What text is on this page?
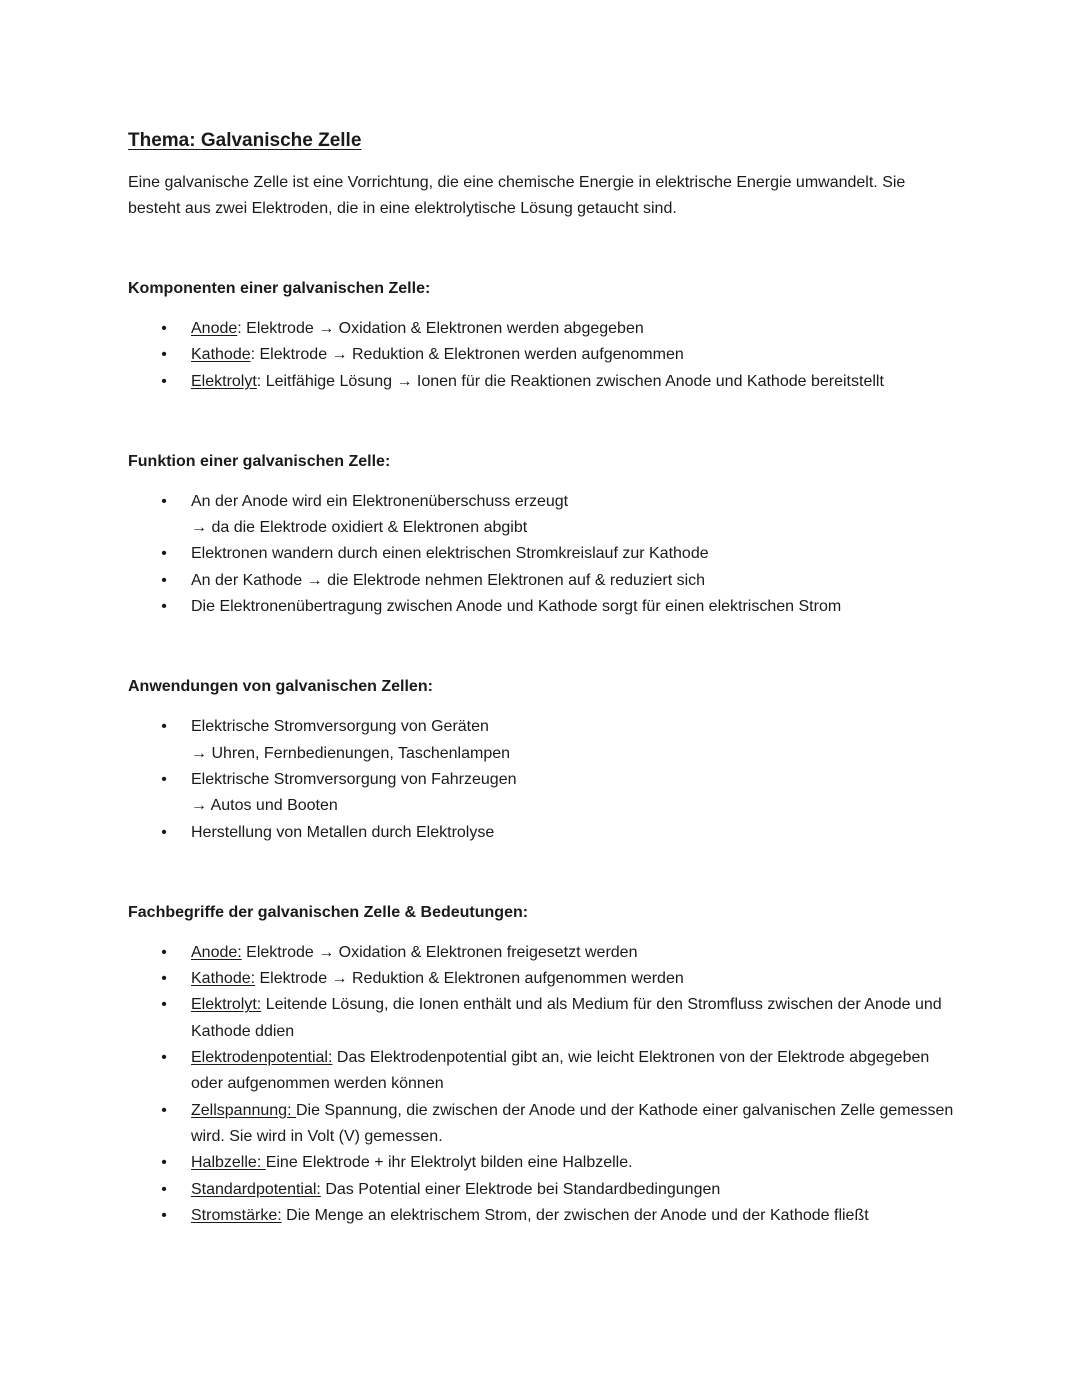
Thema: Galvanische Zelle

Eine galvanische Zelle ist eine Vorrichtung, die eine chemische Energie in elektrische Energie umwandelt. Sie besteht aus zwei Elektroden, die in eine elektrolytische Lösung getaucht sind.

Komponenten einer galvanischen Zelle:
• Anode: Elektrode → Oxidation & Elektronen werden abgegeben
• Kathode: Elektrode → Reduktion & Elektronen werden aufgenommen
• Elektrolyt: Leitfähige Lösung → Ionen für die Reaktionen zwischen Anode und Kathode bereitstellt
Funktion einer galvanischen Zelle:
• An der Anode wird ein Elektronenüberschuss erzeugt
→ da die Elektrode oxidiert & Elektronen abgibt
• Elektronen wandern durch einen elektrischen Stromkreislauf zur Kathode
• An der Kathode → die Elektrode nehmen Elektronen auf & reduziert sich
• Die Elektronenübertragung zwischen Anode und Kathode sorgt für einen elektrischen Strom
Anwendungen von galvanischen Zellen:
• Elektrische Stromversorgung von Geräten
→ Uhren, Fernbedienungen, Taschenlampen
• Elektrische Stromversorgung von Fahrzeugen
→ Autos und Booten
• Herstellung von Metallen durch Elektrolyse
Fachbegriffe der galvanischen Zelle & Bedeutungen:
• Anode: Elektrode → Oxidation & Elektronen freigesetzt werden
• Kathode: Elektrode → Reduktion & Elektronen aufgenommen werden
• Elektrolyt: Leitende Lösung, die Ionen enthält und als Medium für den Stromfluss zwischen der Anode und Kathode ddien
• Elektrodenpotential: Das Elektrodenpotential gibt an, wie leicht Elektronen von der Elektrode abgegeben oder aufgenommen werden können
• Zellspannung: Die Spannung, die zwischen der Anode und der Kathode einer galvanischen Zelle gemessen wird. Sie wird in Volt (V) gemessen.
• Halbzelle: Eine Elektrode + ihr Elektrolyt bilden eine Halbzelle.
• Standardpotential: Das Potential einer Elektrode bei Standardbedingungen
• Stromstärke: Die Menge an elektrischem Strom, der zwischen der Anode und der Kathode fließt
